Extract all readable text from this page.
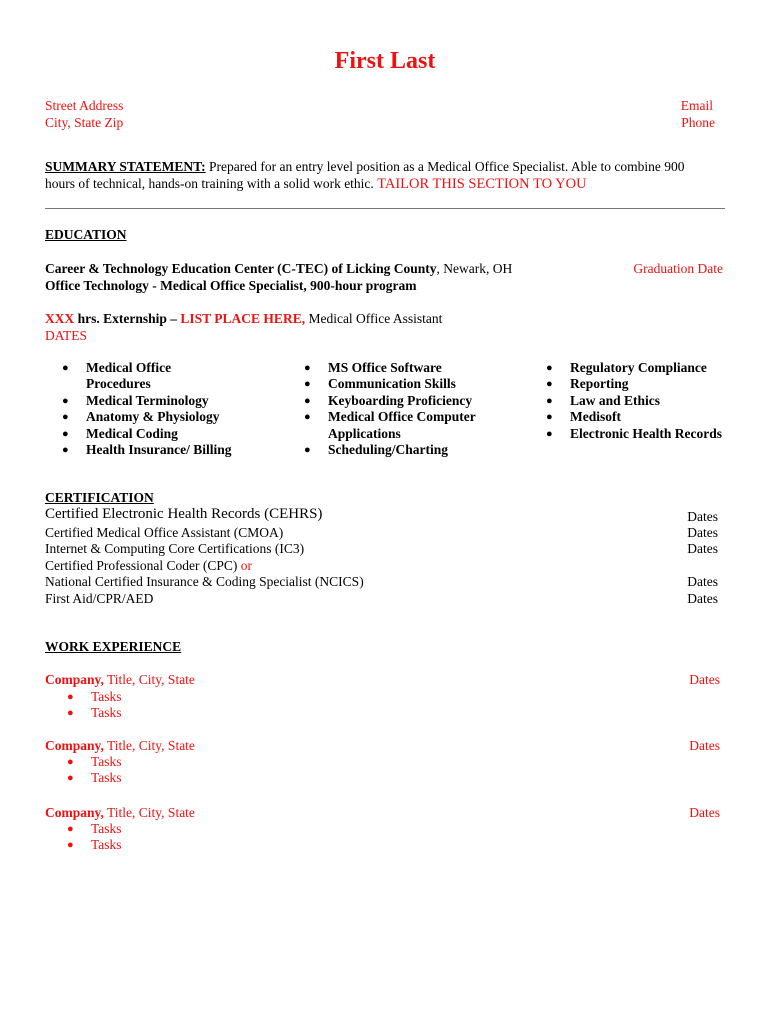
First Last
Street Address
City, State Zip
Email
Phone
SUMMARY STATEMENT: Prepared for an entry level position as a Medical Office Specialist. Able to combine 900
hours of technical, hands-on training with a solid work ethic. TAILOR THIS SECTION TO YOU
EDUCATION
Career & Technology Education Center (C-TEC) of Licking County, Newark, OH	Graduation Date
Office Technology - Medical Office Specialist, 900-hour program
XXX hrs. Externship – LIST PLACE HERE, Medical Office Assistant
DATES
● Medical Office Procedures
● Medical Terminology
● Anatomy & Physiology
● Medical Coding
● Health Insurance/ Billing
● MS Office Software
● Communication Skills
● Keyboarding Proficiency
● Medical Office Computer Applications
● Scheduling/Charting
● Regulatory Compliance
● Reporting
● Law and Ethics
● Medisoft
● Electronic Health Records
CERTIFICATION
Certified Electronic Health Records (CEHRS)	Dates
Certified Medical Office Assistant (CMOA)	Dates
Internet & Computing Core Certifications (IC3)	Dates
Certified Professional Coder (CPC) or
National Certified Insurance & Coding Specialist (NCICS)	Dates
First Aid/CPR/AED	Dates
WORK EXPERIENCE
Company, Title, City, State	Dates
● Tasks
● Tasks
Company, Title, City, State	Dates
● Tasks
● Tasks
Company, Title, City, State	Dates
● Tasks
● Tasks
